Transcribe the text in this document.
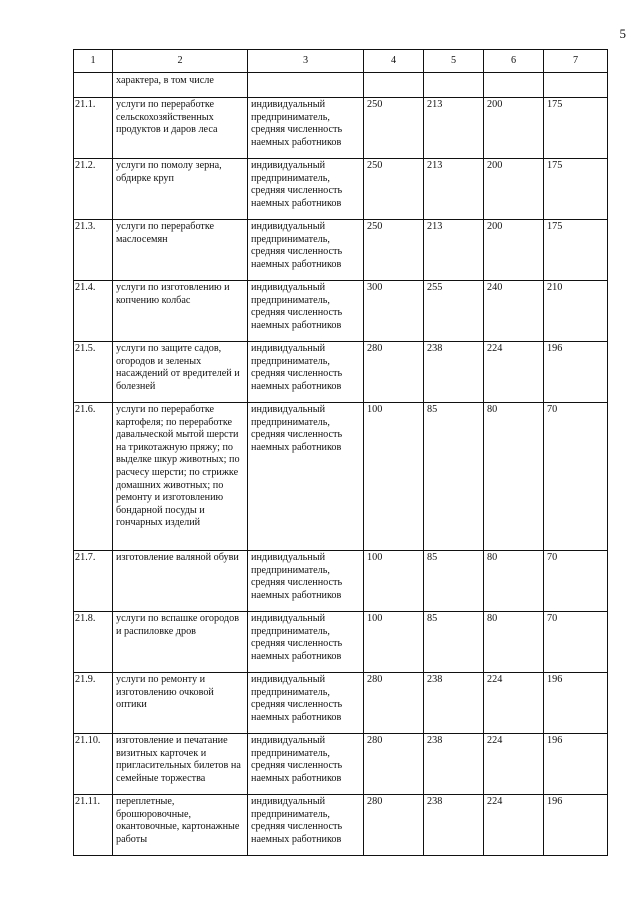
5
1	2	3	4	5	6	7
	характера, в том числе					
21.1.	услуги по переработке сельскохозяйственных продуктов и даров леса	индивидуальный предприниматель, средняя численность наемных работников	250	213	200	175
21.2.	услуги по помолу зерна, обдирке круп	индивидуальный предприниматель, средняя численность наемных работников	250	213	200	175
21.3.	услуги по переработке маслосемян	индивидуальный предприниматель, средняя численность наемных работников	250	213	200	175
21.4.	услуги по изготовлению и копчению колбас	индивидуальный предприниматель, средняя численность наемных работников	300	255	240	210
21.5.	услуги по защите садов, огородов и зеленых насаждений от вредителей и болезней	индивидуальный предприниматель, средняя численность наемных работников	280	238	224	196
21.6.	услуги по переработке картофеля; по переработке давальческой мытой шерсти на трикотажную пряжу; по выделке шкур животных; по расчесу шерсти; по стрижке домашних животных; по ремонту и изготовлению бондарной посуды и гончарных изделий	индивидуальный предприниматель, средняя численность наемных работников	100	85	80	70
21.7.	изготовление валяной обуви	индивидуальный предприниматель, средняя численность наемных работников	100	85	80	70
21.8.	услуги по вспашке огородов и распиловке дров	индивидуальный предприниматель, средняя численность наемных работников	100	85	80	70
21.9.	услуги по ремонту и изготовлению очковой оптики	индивидуальный предприниматель, средняя численность наемных работников	280	238	224	196
21.10.	изготовление и печатание визитных карточек и пригласительных билетов на семейные торжества	индивидуальный предприниматель, средняя численность наемных работников	280	238	224	196
21.11.	переплетные, брошюровочные, окантовочные, картонажные работы	индивидуальный предприниматель, средняя численность наемных работников	280	238	224	196
